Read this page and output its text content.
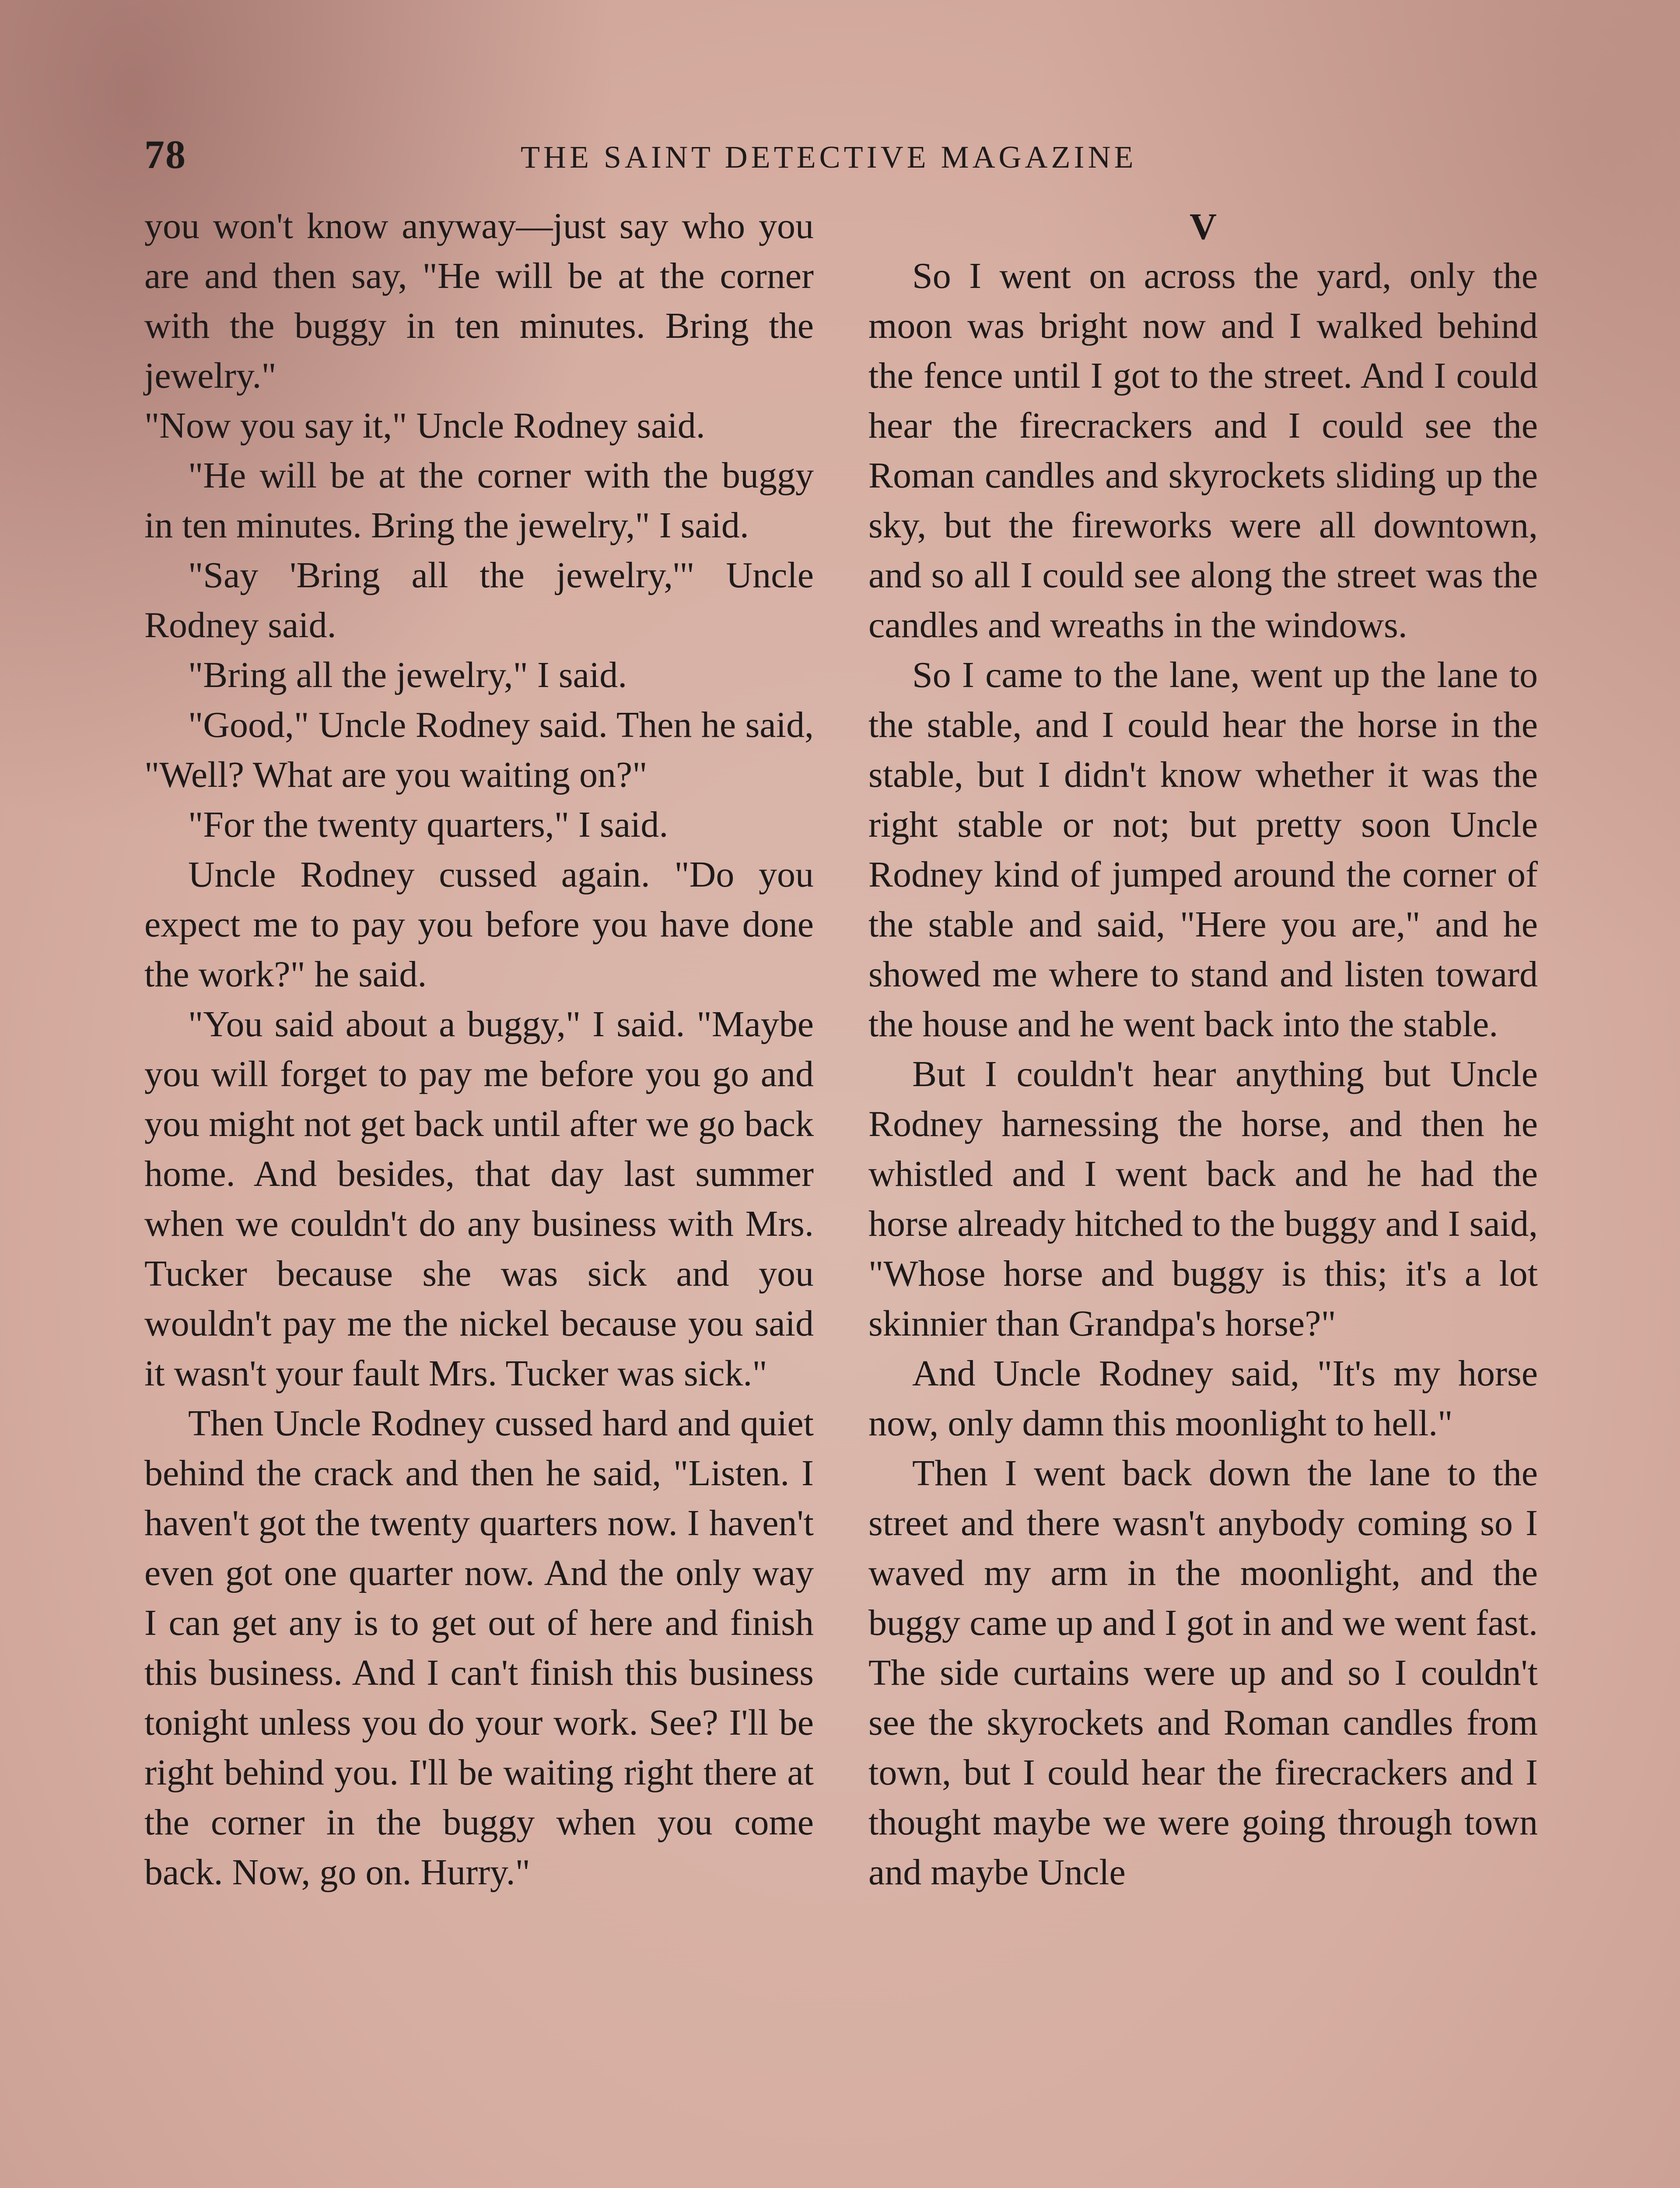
78	THE SAINT DETECTIVE MAGAZINE

you won't know anyway—just say who you are and then say, "He will be at the corner with the buggy in ten minutes. Bring the jewelry."

"Now you say it," Uncle Rodney said.

"He will be at the corner with the buggy in ten minutes. Bring the jewelry," I said.

"Say 'Bring all the jewelry,'" Uncle Rodney said.

"Bring all the jewelry," I said.

"Good," Uncle Rodney said. Then he said, "Well? What are you waiting on?"

"For the twenty quarters," I said.

Uncle Rodney cussed again. "Do you expect me to pay you before you have done the work?" he said.

"You said about a buggy," I said. "Maybe you will forget to pay me before you go and you might not get back until after we go back home. And besides, that day last summer when we couldn't do any business with Mrs. Tucker because she was sick and you wouldn't pay me the nickel because you said it wasn't your fault Mrs. Tucker was sick."

Then Uncle Rodney cussed hard and quiet behind the crack and then he said, "Listen. I haven't got the twenty quarters now. I haven't even got one quarter now. And the only way I can get any is to get out of here and finish this business. And I can't finish this business tonight unless you do your work. See? I'll be right behind you. I'll be waiting right there at the corner in the buggy when you come back. Now, go on. Hurry."

V

So I went on across the yard, only the moon was bright now and I walked behind the fence until I got to the street. And I could hear the firecrackers and I could see the Roman candles and skyrockets sliding up the sky, but the fireworks were all downtown, and so all I could see along the street was the candles and wreaths in the windows.

So I came to the lane, went up the lane to the stable, and I could hear the horse in the stable, but I didn't know whether it was the right stable or not; but pretty soon Uncle Rodney kind of jumped around the corner of the stable and said, "Here you are," and he showed me where to stand and listen toward the house and he went back into the stable.

But I couldn't hear anything but Uncle Rodney harnessing the horse, and then he whistled and I went back and he had the horse already hitched to the buggy and I said, "Whose horse and buggy is this; it's a lot skinnier than Grandpa's horse?"

And Uncle Rodney said, "It's my horse now, only damn this moonlight to hell."

Then I went back down the lane to the street and there wasn't anybody coming so I waved my arm in the moonlight, and the buggy came up and I got in and we went fast. The side curtains were up and so I couldn't see the skyrockets and Roman candles from town, but I could hear the firecrackers and I thought maybe we were going through town and maybe Uncle
